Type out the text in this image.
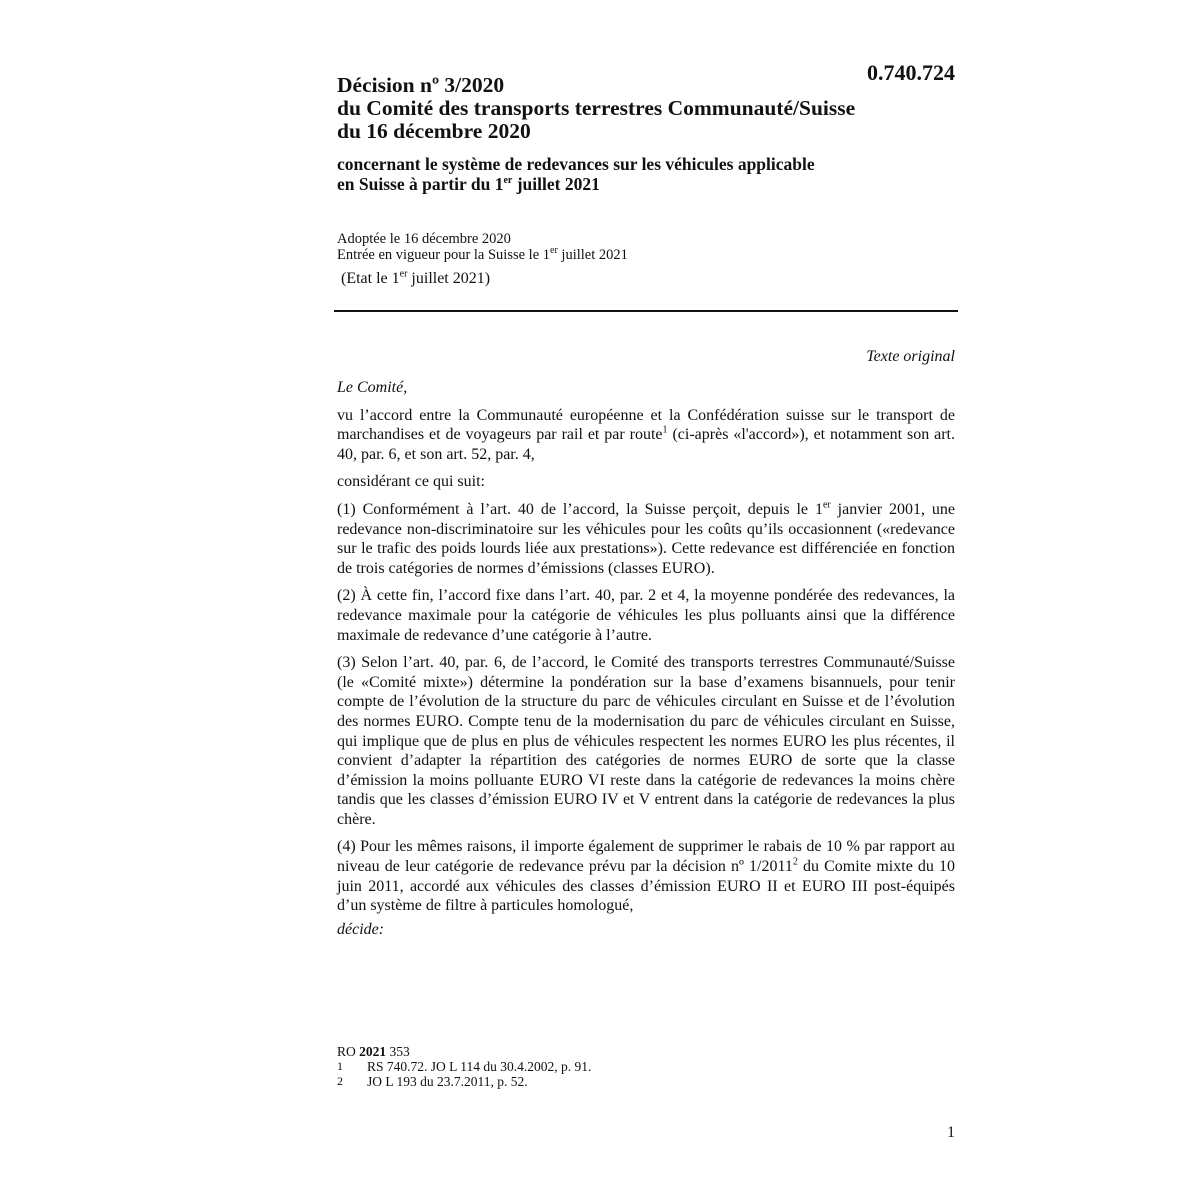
0.740.724
Décision nº 3/2020
du Comité des transports terrestres Communauté/Suisse
du 16 décembre 2020
concernant le système de redevances sur les véhicules applicable
en Suisse à partir du 1er juillet 2021
Adoptée le 16 décembre 2020
Entrée en vigueur pour la Suisse le 1er juillet 2021
(Etat le 1er juillet 2021)
Texte original

Le Comité,

vu l’accord entre la Communauté européenne et la Confédération suisse sur le transport de marchandises et de voyageurs par rail et par route$^1$ (ci-après «l'accord»), et notamment son art. 40, par. 6, et son art. 52, par. 4,

considérant ce qui suit:

(1) Conformément à l’art. 40 de l’accord, la Suisse perçoit, depuis le 1er janvier 2001, une redevance non-discriminatoire sur les véhicules pour les coûts qu’ils occasionnent («redevance sur le trafic des poids lourds liée aux prestations»). Cette redevance est différenciée en fonction de trois catégories de normes d’émissions (classes EURO).

(2) À cette fin, l’accord fixe dans l’art. 40, par. 2 et 4, la moyenne pondérée des redevances, la redevance maximale pour la catégorie de véhicules les plus polluants ainsi que la différence maximale de redevance d’une catégorie à l’autre.

(3) Selon l’art. 40, par. 6, de l’accord, le Comité des transports terrestres Communauté/Suisse (le «Comité mixte») détermine la pondération sur la base d’examens bisannuels, pour tenir compte de l’évolution de la structure du parc de véhicules circulant en Suisse et de l’évolution des normes EURO. Compte tenu de la modernisation du parc de véhicules circulant en Suisse, qui implique que de plus en plus de véhicules respectent les normes EURO les plus récentes, il convient d’adapter la répartition des catégories de normes EURO de sorte que la classe d’émission la moins polluante EURO VI reste dans la catégorie de redevances la moins chère tandis que les classes d’émission EURO IV et V entrent dans la catégorie de redevances la plus chère.

(4) Pour les mêmes raisons, il importe également de supprimer le rabais de 10 % par rapport au niveau de leur catégorie de redevance prévu par la décision nº 1/2011$^2$ du Comite mixte du 10 juin 2011, accordé aux véhicules des classes d’émission EURO II et EURO III post-équipés d’un système de filtre à particules homologué,

décide:

RO 2021 353
1	RS 740.72. JO L 114 du 30.4.2002, p. 91.
2	JO L 193 du 23.7.2011, p. 52.
1
